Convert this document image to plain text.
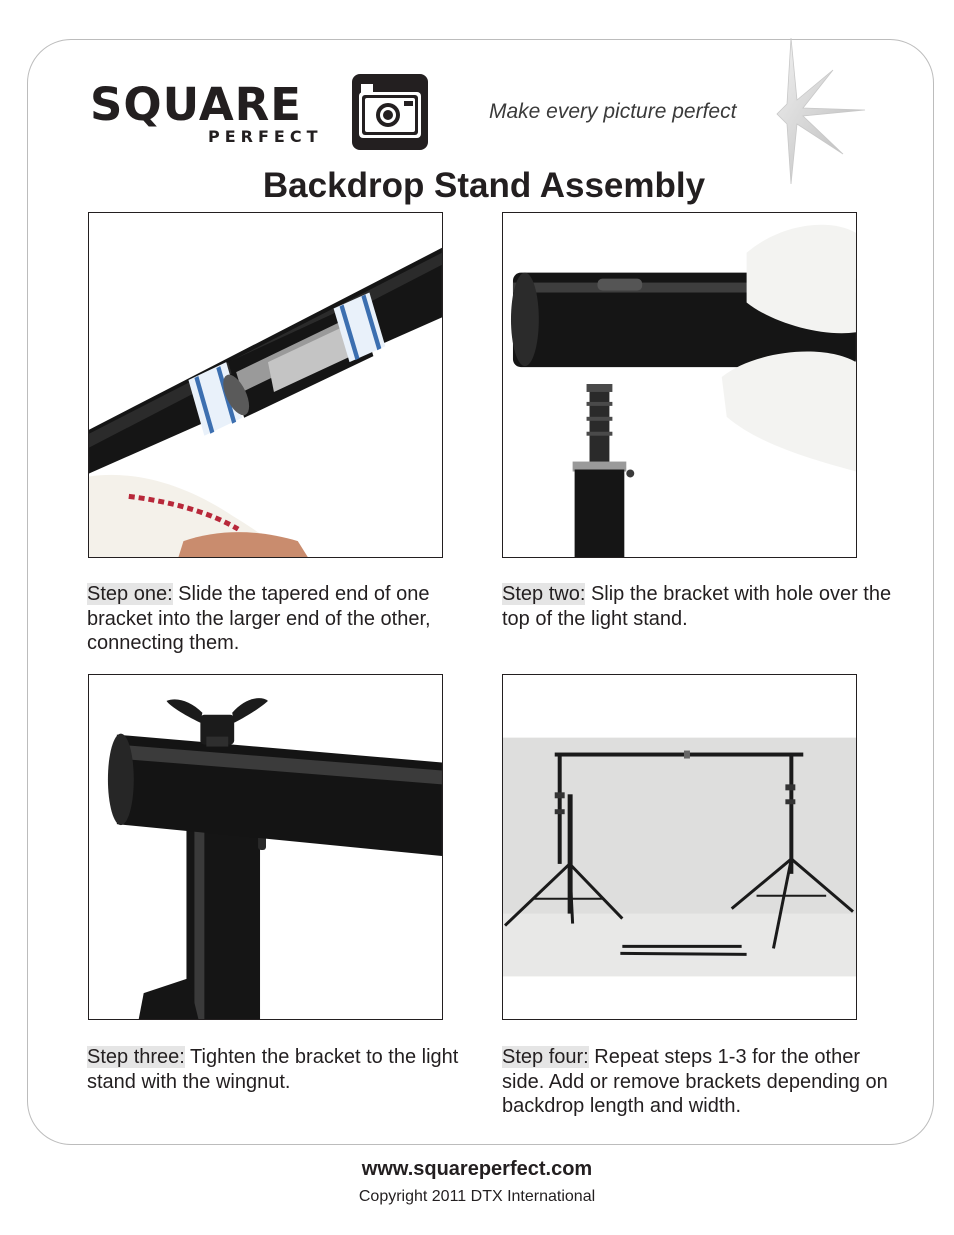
SQUARE
PERFECT
Make every picture perfect
Backdrop Stand Assembly
Step one: Slide the tapered end of one bracket into the larger end of the other, connecting them.
Step two: Slip the bracket with hole over the top of the light stand.
Step three: Tighten the bracket to the light stand with the wingnut.
Step four: Repeat steps 1-3 for the other side. Add or remove brackets depending on backdrop length and width.
www.squareperfect.com
Copyright 2011 DTX International
